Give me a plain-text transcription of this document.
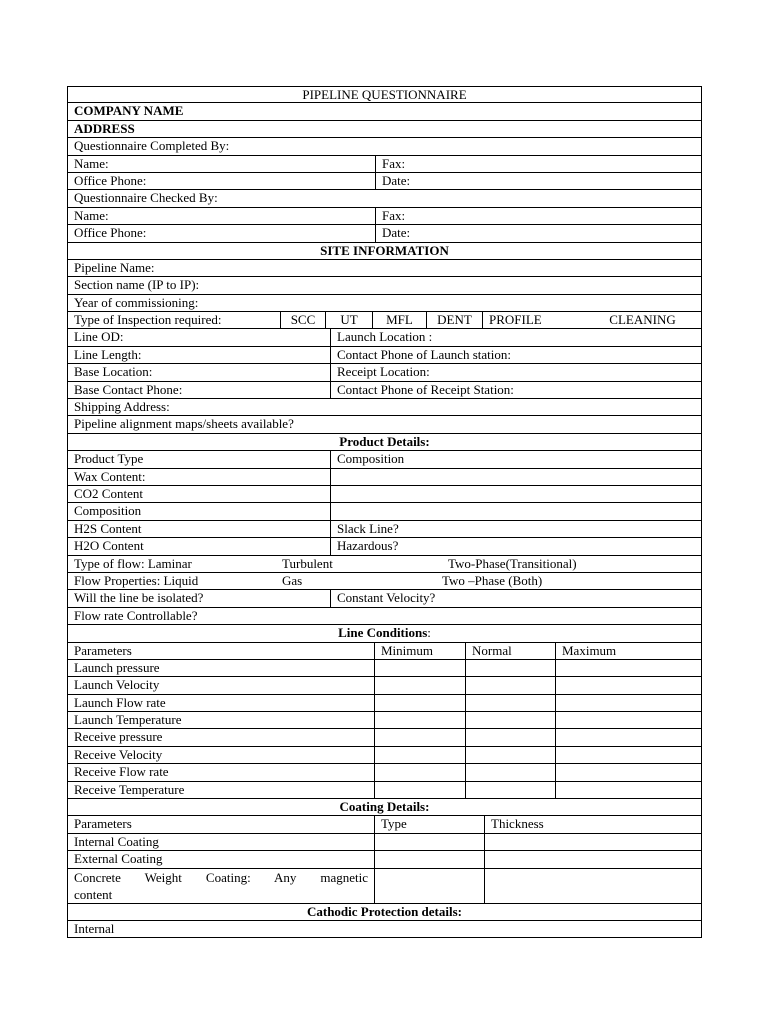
PIPELINE QUESTIONNAIRE
COMPANY NAME
ADDRESS
Questionnaire Completed By:
Name:	Fax:
Office Phone:	Date:
Questionnaire Checked By:
Name:	Fax:
Office Phone:	Date:
SITE INFORMATION
Pipeline Name:
Section name (IP to IP):
Year of commissioning:
Type of Inspection required:	SCC	UT	MFL	DENT	PROFILE	CLEANING
Line OD:	Launch Location :
Line Length:	Contact Phone of Launch station:
Base Location:	Receipt Location:
Base Contact Phone:	Contact Phone of Receipt Station:
Shipping Address:
Pipeline alignment maps/sheets available?
Product Details:
Product Type	Composition
Wax Content:
CO2 Content
Composition
H2S Content	Slack Line?
H2O Content	Hazardous?
Type of flow: Laminar	Turbulent	Two-Phase(Transitional)
Flow Properties: Liquid	Gas	Two –Phase (Both)
Will the line be isolated?	Constant Velocity?
Flow rate Controllable?
Line Conditions:
Parameters	Minimum	Normal	Maximum
Launch pressure
Launch Velocity
Launch Flow rate
Launch Temperature
Receive pressure
Receive Velocity
Receive Flow rate
Receive Temperature
Coating Details:
Parameters	Type	Thickness
Internal Coating
External Coating
Concrete Weight Coating: Any magnetic
content
Cathodic Protection details:
Internal
